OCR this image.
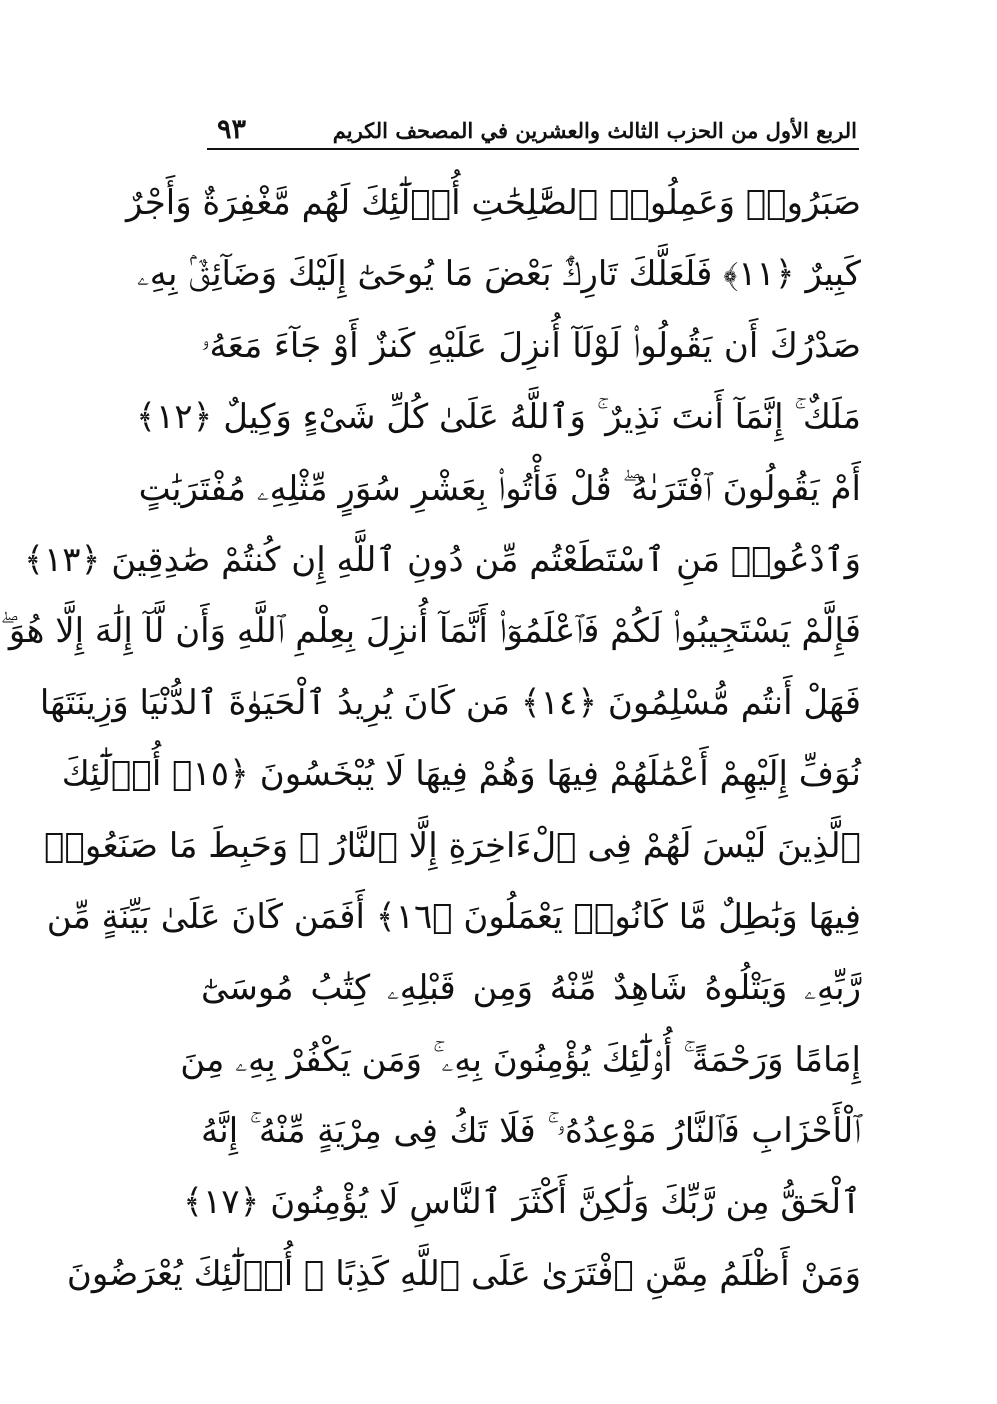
الربع الأول من الحزب الثالث والعشرين في المصحف الكريم
٩٣
صَبَرُوا۟ وَعَمِلُوا۟ ٱلصَّٰلِحَٰتِ أُو۟لَٰٓئِكَ لَهُم مَّغْفِرَةٌ وَأَجْرٌ
كَبِيرٌ ﴿١١﴾ فَلَعَلَّكَ تَارِكٌۢ بَعْضَ مَا يُوحَىٰٓ إِلَيْكَ وَضَآئِقٌۢ بِهِۦ
صَدْرُكَ أَن يَقُولُوا۟ لَوْلَآ أُنزِلَ عَلَيْهِ كَنزٌ أَوْ جَآءَ مَعَهُۥ
مَلَكٌ ۚ إِنَّمَآ أَنتَ نَذِيرٌ ۚ وَٱللَّهُ عَلَىٰ كُلِّ شَىْءٍ وَكِيلٌ ﴿١٢﴾
أَمْ يَقُولُونَ ٱفْتَرَىٰهُ ۖ قُلْ فَأْتُوا۟ بِعَشْرِ سُوَرٍ مِّثْلِهِۦ مُفْتَرَيَٰتٍ
وَٱدْعُوا۟ مَنِ ٱسْتَطَعْتُم مِّن دُونِ ٱللَّهِ إِن كُنتُمْ صَٰدِقِينَ ﴿١٣﴾
فَإِلَّمْ يَسْتَجِيبُوا۟ لَكُمْ فَٱعْلَمُوٓا۟ أَنَّمَآ أُنزِلَ بِعِلْمِ ٱللَّهِ وَأَن لَّآ إِلَٰهَ إِلَّا هُوَ ۖ
فَهَلْ أَنتُم مُّسْلِمُونَ ﴿١٤﴾ مَن كَانَ يُرِيدُ ٱلْحَيَوٰةَ ٱلدُّنْيَا وَزِينَتَهَا
نُوَفِّ إِلَيْهِمْ أَعْمَٰلَهُمْ فِيهَا وَهُمْ فِيهَا لَا يُبْخَسُونَ ﴿١٥﴾ أُو۟لَٰٓئِكَ
ٱلَّذِينَ لَيْسَ لَهُمْ فِى ٱلْءَاخِرَةِ إِلَّا ٱلنَّارُ ۖ وَحَبِطَ مَا صَنَعُوا۟
فِيهَا وَبَٰطِلٌ مَّا كَانُوا۟ يَعْمَلُونَ ﴿١٦﴾ أَفَمَن كَانَ عَلَىٰ بَيِّنَةٍ مِّن
رَّبِّهِۦ وَيَتْلُوهُ شَاهِدٌ مِّنْهُ وَمِن قَبْلِهِۦ كِتَٰبُ مُوسَىٰٓ
إِمَامًا وَرَحْمَةً ۚ أُو۟لَٰٓئِكَ يُؤْمِنُونَ بِهِۦ ۚ وَمَن يَكْفُرْ بِهِۦ مِنَ
ٱلْأَحْزَابِ فَٱلنَّارُ مَوْعِدُهُۥ ۚ فَلَا تَكُ فِى مِرْيَةٍ مِّنْهُ ۚ إِنَّهُ
ٱلْحَقُّ مِن رَّبِّكَ وَلَٰكِنَّ أَكْثَرَ ٱلنَّاسِ لَا يُؤْمِنُونَ ﴿١٧﴾
وَمَنْ أَظْلَمُ مِمَّنِ ٱفْتَرَىٰ عَلَى ٱللَّهِ كَذِبًا ۚ أُو۟لَٰٓئِكَ يُعْرَضُونَ
